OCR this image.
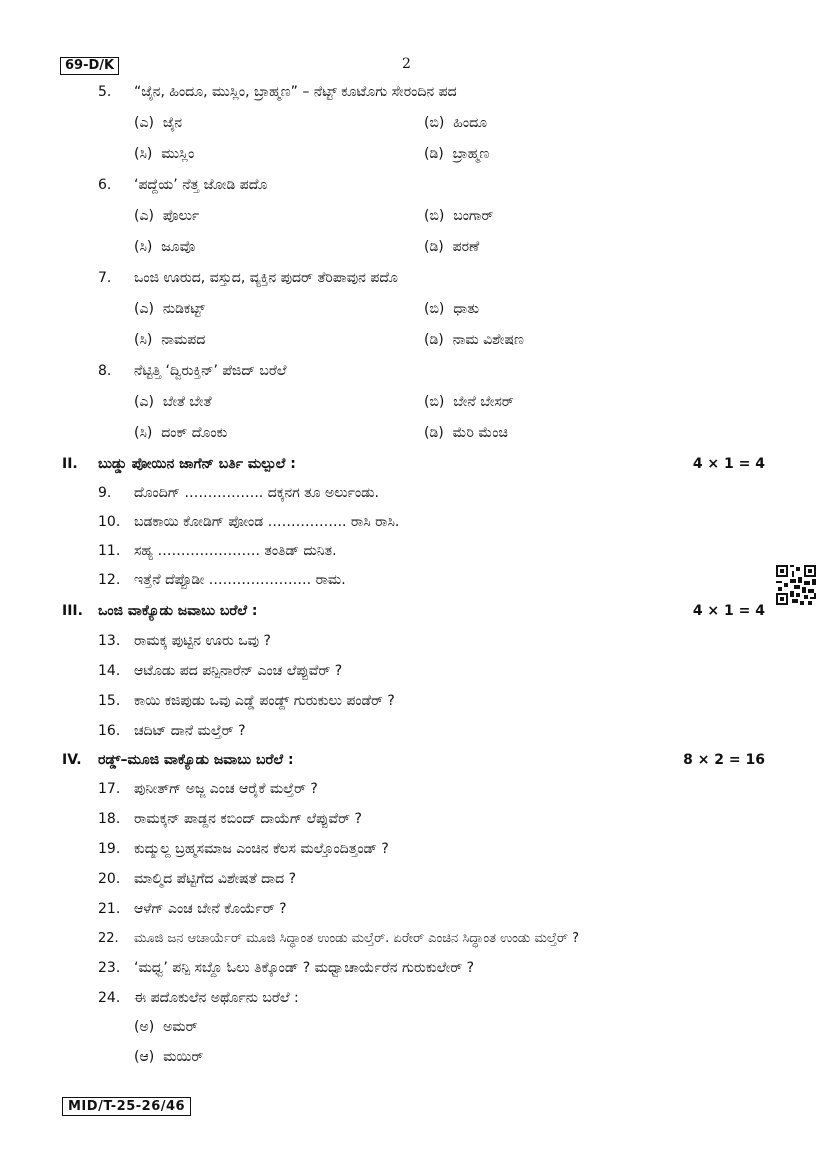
69-D/K	2
5. “ಜೈನ, ಹಿಂದೂ, ಮುಸ್ಲಿಂ, ಬ್ರಾಹ್ಮಣ” – ನೆಟ್ಟ್ ಕೂಟೊಗು ಸೇರಂದಿನ ಪದ
(ಎ) ಜೈನ	(ಬಿ) ಹಿಂದೂ
(ಸಿ) ಮುಸ್ಲಿಂ	(ಡಿ) ಬ್ರಾಹ್ಮಣ
6. ‘ಪದ್ದೆಯ’ ನೆತ್ತ ಜೋಡಿ ಪದೊ
(ಎ) ಪೊರ್ಲು	(ಬಿ) ಬಂಗಾರ್
(ಸಿ) ಜೂವೊ	(ಡಿ) ಪರಣೆ
7. ಒಂಜಿ ಊರುದ, ವಸ್ತುದ, ವ್ಯಕ್ತಿನ ಪುದರ್ ತೆರಿಪಾವುನ ಪದೊ
(ಎ) ನುಡಿಕಟ್ಟ್	(ಬಿ) ಧಾತು
(ಸಿ) ನಾಮಪದ	(ಡಿ) ನಾಮ ವಿಶೇಷಣ
8. ನೆಟ್ಟಿತ್ತಿ ‘ದ್ವಿರುಕ್ತಿನ್’ ಪೆಜಿದ್ ಬರೆಲೆ
(ಎ) ಬೇತೆ ಬೇತೆ	(ಬಿ) ಬೇನೆ ಬೇಸರ್
(ಸಿ) ದಂಕ್ ದೊಂಕು	(ಡಿ) ಮೆರಿ ಮೆಂಚಿ
II. ಬುಡ್ಡು ಪೋಯಿನ ಜಾಗೆನ್ ಬರ್ತಿ ಮಲ್ಪುಲೆ :	4 × 1 = 4
9. ದೊಂದಿಗ್ …………….. ದಕ್ಕನಗ ತೂ ಅರ್ಲುಂಡು.
10. ಬಡಕಾಯಿ ಕೋಡಿಗ್ ಪೋಂಡ …………….. ರಾಸಿ ರಾಸಿ.
11. ಸಹ್ಯ …………………. ತಂತಿಡ್ ದುನಿತ.
12. ಇತ್ತೆನೆ ದೆಪ್ಪೊಡೀ …………………. ರಾಮ.
III. ಒಂಜಿ ವಾಕ್ಯೊಡು ಜವಾಬು ಬರೆಲೆ :	4 × 1 = 4
13. ರಾಮಕ್ಕ ಪುಟ್ಟಿನ ಊರು ಒವು ?
14. ಆಟೊಡು ಪದ ಪನ್ಪಿನಾರೆನ್ ಎಂಚ ಲೆಪ್ಪುವೆರ್ ?
15. ಕಾಯಿ ಕಜಿಪುಡು ಒವು ಎಡ್ಡೆ ಪಂಡ್ದ್ ಗುರುಕುಲು ಪಂಡೆರ್ ?
16. ಚದಿಟ್ ದಾನೆ ಮಲ್ತೆರ್ ?
IV. ರಡ್ಡ್–ಮೂಜಿ ವಾಕ್ಯೊಡು ಜವಾಬು ಬರೆಲೆ :	8 × 2 = 16
17. ಪುನೀತ್‌ಗ್ ಅಜ್ಜ ಎಂಚ ಆರೈಕೆ ಮಲ್ತೆರ್ ?
18. ರಾಮಕ್ಕನ್ ಪಾಡ್ದನ ಕಬಿಂದ್ ದಾಯೆಗ್ ಲೆಪ್ಪುವೆರ್ ?
19. ಕುದ್ಮುಲ್ದ ಬ್ರಹ್ಮಸಮಾಜ ಎಂಚಿನ ಕೆಲಸ ಮಲ್ತೊಂದಿತ್ತಂಡ್ ?
20. ಮಾಲ್ಮಿದ ಪೆಟ್ಟಿಗೆದ ವಿಶೇಷತೆ ದಾದ ?
21. ಆಳೆಗ್ ಎಂಚ ಬೇನೆ ಕೊರ್ಯೆರ್ ?
22. ಮೂಜಿ ಜನ ಆಚಾರ್ಯೆರ್ ಮೂಜಿ ಸಿದ್ಧಾಂತ ಉಂಡು ಮಲ್ತೆರ್. ಏರೇರ್ ಎಂಚಿನ ಸಿದ್ಧಾಂತ ಉಂಡು ಮಲ್ತೆರ್ ?
23. ‘ಮಧ್ವ’ ಪನ್ಪಿ ಸಬ್ದೊ ಓಲು ತಿಕ್ಕೊಂಡ್ ? ಮಧ್ವಾಚಾರ್ಯೆರೆನ ಗುರುಕುಲೇರ್ ?
24. ಈ ಪದೊಕುಲೆನ ಅರ್ಥೊನು ಬರೆಲೆ :
(ಅ) ಅಮರ್
(ಆ) ಮಯಿರ್
MID/T-25-26/46
